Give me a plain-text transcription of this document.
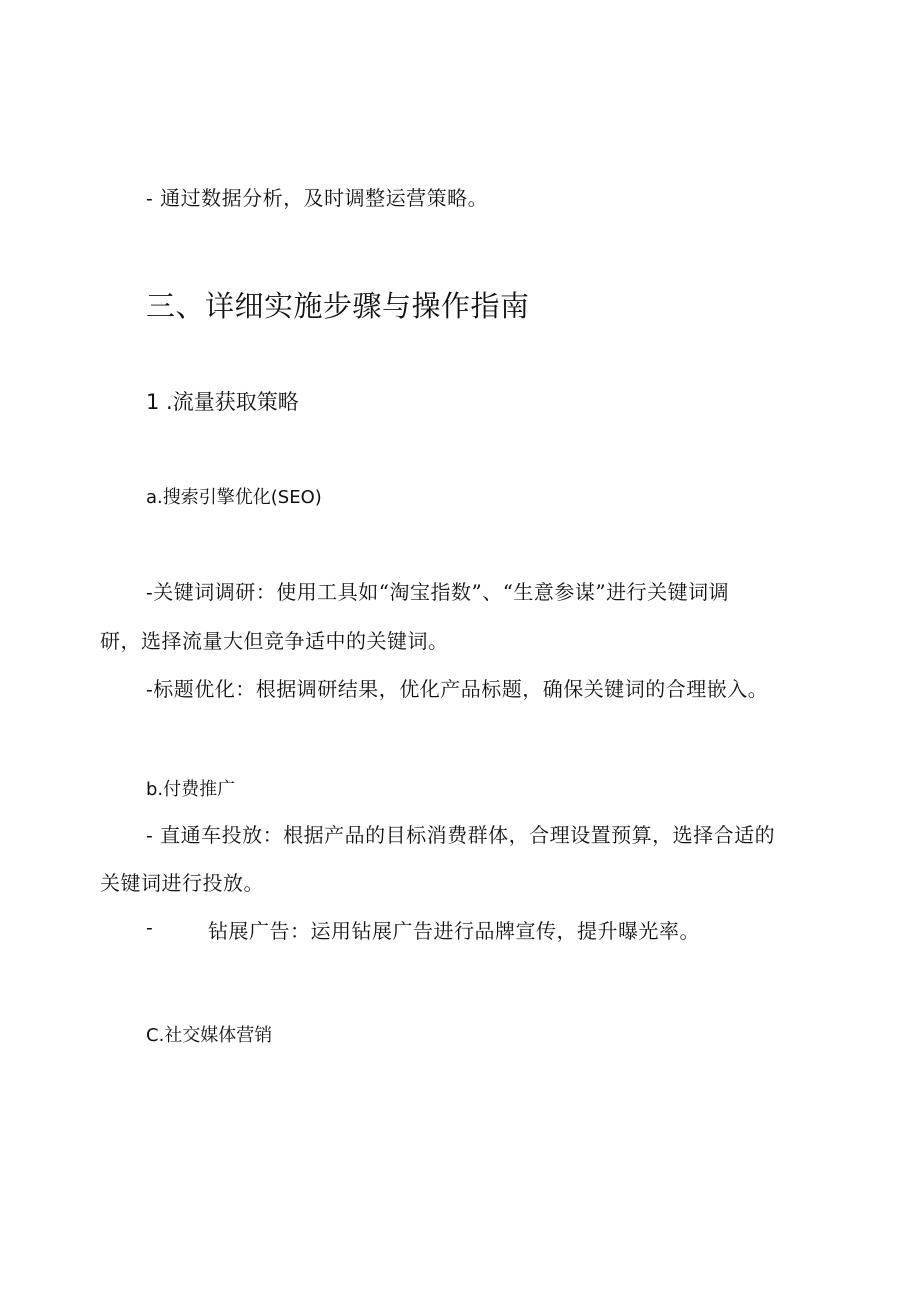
- 通过数据分析，及时调整运营策略。

三、详细实施步骤与操作指南
1 .流量获取策略
a.搜索引擎优化(SEO)

-关键词调研：使用工具如“淘宝指数”、“生意参谋”进行关键词调

研，选择流量大但竞争适中的关键词。

-标题优化：根据调研结果，优化产品标题，确保关键词的合理嵌入。

b.付费推广

- 直通车投放：根据产品的目标消费群体，合理设置预算，选择合适的

关键词进行投放。

-	钻展广告：运用钻展广告进行品牌宣传，提升曝光率。

C.社交媒体营销
